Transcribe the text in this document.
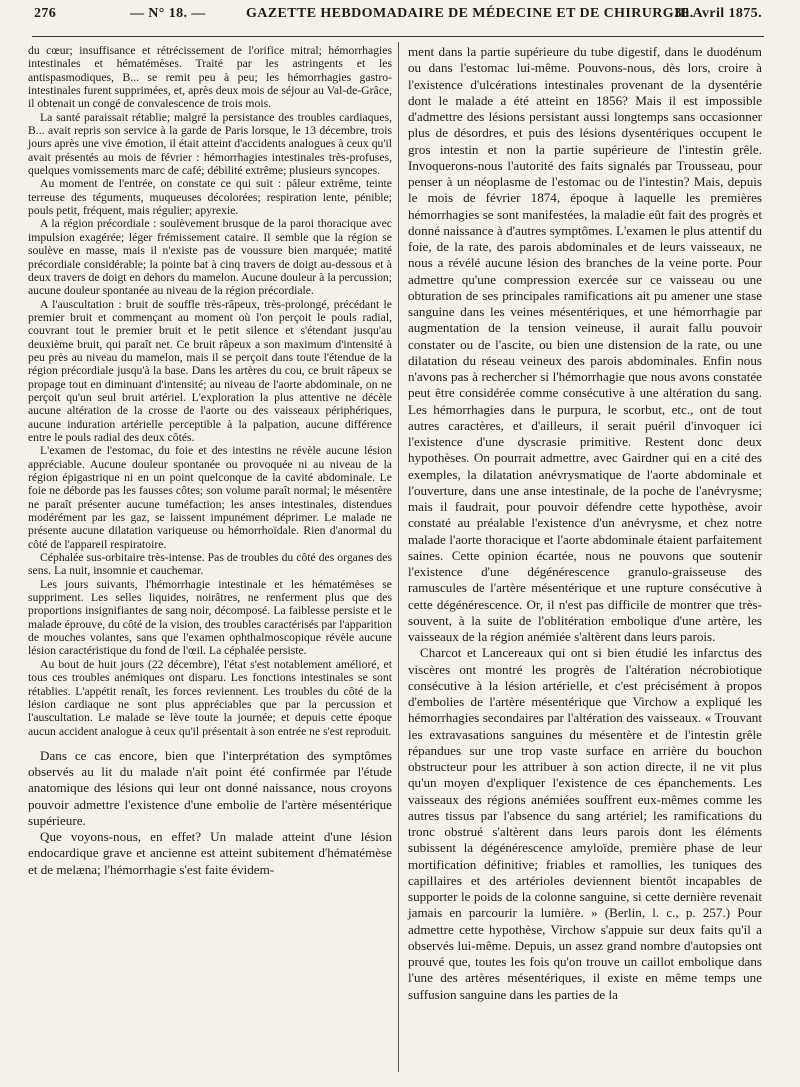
276	— N° 18. —	GAZETTE HEBDOMADAIRE DE MÉDECINE ET DE CHIRURGIE.
30 Avril 1875.

du cœur; insuffisance et rétrécissement de l'orifice mitral; hémorrhagies intestinales et hématémèses. Traité par les astringents et les antispasmodiques, B... se remit peu à peu; les hémorrhagies gastro-intestinales furent supprimées, et, après deux mois de séjour au Val-de-Grâce, il obtenait un congé de convalescence de trois mois.

La santé paraissait rétablie; malgré la persistance des troubles cardiaques, B... avait repris son service à la garde de Paris lorsque, le 13 décembre, trois jours après une vive émotion, il était atteint d'accidents analogues à ceux qu'il avait présentés au mois de février : hémorrhagies intestinales très-profuses, quelques vomissements marc de café; débilité extrême; plusieurs syncopes.

Au moment de l'entrée, on constate ce qui suit : pâleur extrême, teinte terreuse des téguments, muqueuses décolorées; respiration lente, pénible; pouls petit, fréquent, mais régulier; apyrexie.

A la région précordiale : soulèvement brusque de la paroi thoracique avec impulsion exagérée; léger frémissement cataire. Il semble que la région se soulève en masse, mais il n'existe pas de voussure bien marquée; matité précordiale considérable; la pointe bat à cinq travers de doigt au-dessous et à deux travers de doigt en dehors du mamelon. Aucune douleur à la percussion; aucune douleur spontanée au niveau de la région précordiale.

A l'auscultation : bruit de souffle très-râpeux, très-prolongé, précédant le premier bruit et commençant au moment où l'on perçoit le pouls radial, couvrant tout le premier bruit et le petit silence et s'étendant jusqu'au deuxième bruit, qui paraît net. Ce bruit râpeux a son maximum d'intensité à peu près au niveau du mamelon, mais il se perçoit dans toute l'étendue de la région précordiale jusqu'à la base. Dans les artères du cou, ce bruit râpeux se propage tout en diminuant d'intensité; au niveau de l'aorte abdominale, on ne perçoit qu'un seul bruit artériel. L'exploration la plus attentive ne décèle aucune altération de la crosse de l'aorte ou des vaisseaux périphériques, aucune induration artérielle perceptible à la palpation, aucune différence entre le pouls radial des deux côtés.

L'examen de l'estomac, du foie et des intestins ne révèle aucune lésion appréciable. Aucune douleur spontanée ou provoquée ni au niveau de la région épigastrique ni en un point quelconque de la cavité abdominale. Le foie ne déborde pas les fausses côtes; son volume paraît normal; le mésentère ne paraît présenter aucune tuméfaction; les anses intestinales, distendues modérément par les gaz, se laissent impunément déprimer. Le malade ne présente aucune dilatation variqueuse ou hémorrhoïdale. Rien d'anormal du côté de l'appareil respiratoire.

Céphalée sus-orbitaire très-intense. Pas de troubles du côté des organes des sens. La nuit, insomnie et cauchemar.

Les jours suivants, l'hémorrhagie intestinale et les hématémèses se suppriment. Les selles liquides, noirâtres, ne renferment plus que des proportions insignifiantes de sang noir, décomposé. La faiblesse persiste et le malade éprouve, du côté de la vision, des troubles caractérisés par l'apparition de mouches volantes, sans que l'examen ophthalmoscopique révèle aucune lésion caractéristique du fond de l'œil. La céphalée persiste.

Au bout de huit jours (22 décembre), l'état s'est notablement amélioré, et tous ces troubles anémiques ont disparu. Les fonctions intestinales se sont rétablies. L'appétit renaît, les forces reviennent. Les troubles du côté de la lésion cardiaque ne sont plus appréciables que par la percussion et l'auscultation. Le malade se lève toute la journée; et depuis cette époque aucun accident analogue à ceux qu'il présentait à son entrée ne s'est reproduit.

Dans ce cas encore, bien que l'interprétation des symptômes observés au lit du malade n'ait point été confirmée par l'étude anatomique des lésions qui leur ont donné naissance, nous croyons pouvoir admettre l'existence d'une embolie de l'artère mésentérique supérieure.

Que voyons-nous, en effet? Un malade atteint d'une lésion endocardique grave et ancienne est atteint subitement d'hématémèse et de melæna; l'hémorrhagie s'est faite évidem-

ment dans la partie supérieure du tube digestif, dans le duodénum ou dans l'estomac lui-même. Pouvons-nous, dès lors, croire à l'existence d'ulcérations intestinales provenant de la dysentérie dont le malade a été atteint en 1856? Mais il est impossible d'admettre des lésions persistant aussi longtemps sans occasionner plus de désordres, et puis des lésions dysentériques occupent le gros intestin et non la partie supérieure de l'intestin grêle. Invoquerons-nous l'autorité des faits signalés par Trousseau, pour penser à un néoplasme de l'estomac ou de l'intestin? Mais, depuis le mois de février 1874, époque à laquelle les premières hémorrhagies se sont manifestées, la maladie eût fait des progrès et donné naissance à d'autres symptômes. L'examen le plus attentif du foie, de la rate, des parois abdominales et de leurs vaisseaux, ne nous a révélé aucune lésion des branches de la veine porte. Pour admettre qu'une compression exercée sur ce vaisseau ou une obturation de ses principales ramifications ait pu amener une stase sanguine dans les veines mésentériques, et une hémorrhagie par augmentation de la tension veineuse, il aurait fallu pouvoir constater ou de l'ascite, ou bien une distension de la rate, ou une dilatation du réseau veineux des parois abdominales. Enfin nous n'avons pas à rechercher si l'hémorrhagie que nous avons constatée peut être considérée comme consécutive à une altération du sang. Les hémorrhagies dans le purpura, le scorbut, etc., ont de tout autres caractères, et d'ailleurs, il serait puéril d'invoquer ici l'existence d'une dyscrasie primitive. Restent donc deux hypothèses. On pourrait admettre, avec Gairdner qui en a cité des exemples, la dilatation anévrysmatique de l'aorte abdominale et l'ouverture, dans une anse intestinale, de la poche de l'anévrysme; mais il faudrait, pour pouvoir défendre cette hypothèse, avoir constaté au préalable l'existence d'un anévrysme, et chez notre malade l'aorte thoracique et l'aorte abdominale étaient parfaitement saines. Cette opinion écartée, nous ne pouvons que soutenir l'existence d'une dégénérescence granulo-graisseuse des ramuscules de l'artère mésentérique et une rupture consécutive à cette dégénérescence. Or, il n'est pas difficile de montrer que très-souvent, à la suite de l'oblitération embolique d'une artère, les vaisseaux de la région anémiée s'altèrent dans leurs parois.

Charcot et Lancereaux qui ont si bien étudié les infarctus des viscères ont montré les progrès de l'altération nécrobiotique consécutive à la lésion artérielle, et c'est précisément à propos d'embolies de l'artère mésentérique que Virchow a expliqué les hémorrhagies secondaires par l'altération des vaisseaux. « Trouvant les extravasations sanguines du mésentère et de l'intestin grêle répandues sur une trop vaste surface en arrière du bouchon obstructeur pour les attribuer à son action directe, il ne vit plus qu'un moyen d'expliquer l'existence de ces épanchements. Les vaisseaux des régions anémiées souffrent eux-mêmes comme les autres tissus par l'absence du sang artériel; les ramifications du tronc obstrué s'altèrent dans leurs parois dont les éléments subissent la dégénérescence amyloïde, première phase de leur mortification définitive; friables et ramollies, les tuniques des capillaires et des artérioles deviennent bientôt incapables de supporter le poids de la colonne sanguine, si cette dernière revenait jamais en parcourir la lumière. » (Berlin, l. c., p. 257.) Pour admettre cette hypothèse, Virchow s'appuie sur deux faits qu'il a observés lui-même. Depuis, un assez grand nombre d'autopsies ont prouvé que, toutes les fois qu'on trouve un caillot embolique dans l'une des artères mésentériques, il existe en même temps une suffusion sanguine dans les parties de la
